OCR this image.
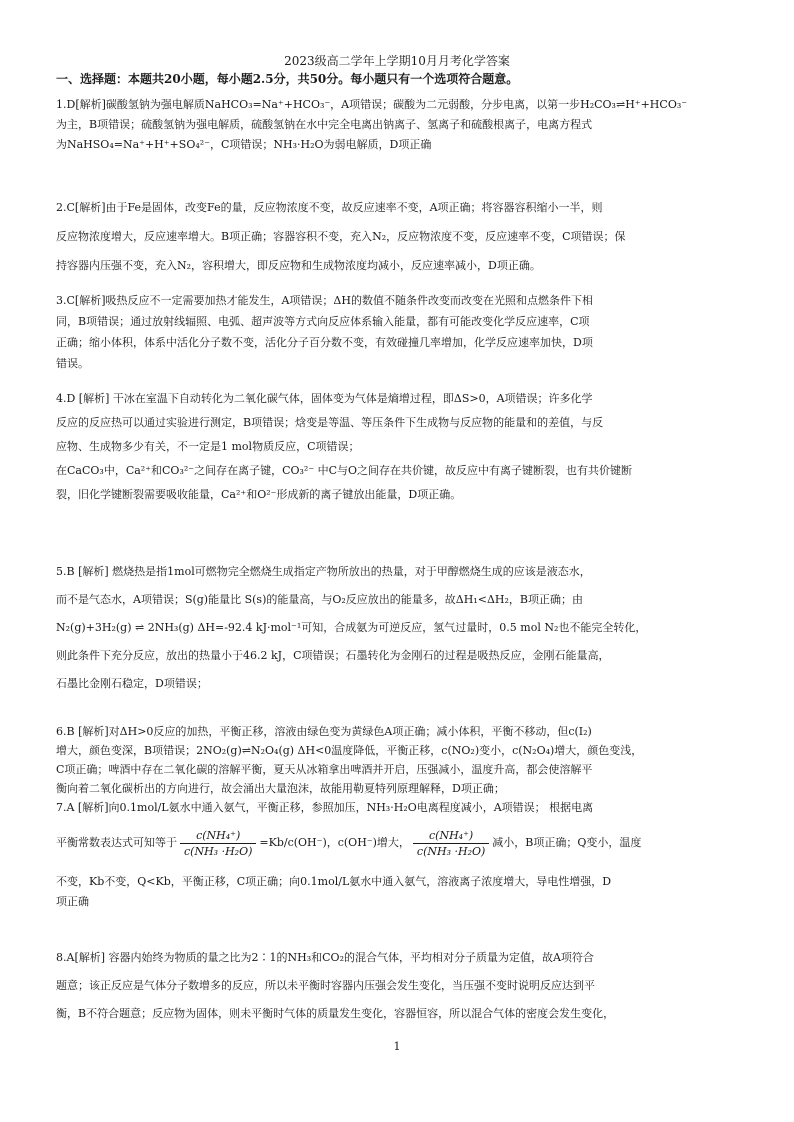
2023级高二学年上学期10月月考化学答案
一、选择题：本题共20小题，每小题2.5分，共50分。每小题只有一个选项符合题意。

1.D[解析]碳酸氢钠为强电解质NaHCO₃=Na⁺+HCO₃⁻，A项错误；碳酸为二元弱酸，分步电离，以第一步H₂CO₃⇌H⁺+HCO₃⁻

为主，B项错误；硫酸氢钠为强电解质，硫酸氢钠在水中完全电离出钠离子、氢离子和硫酸根离子，电离方程式

为NaHSO₄=Na⁺+H⁺+SO₄²⁻，C项错误；NH₃·H₂O为弱电解质，D项正确

2.C[解析]由于Fe是固体，改变Fe的量，反应物浓度不变，故反应速率不变，A项正确；将容器容积缩小一半，则

反应物浓度增大，反应速率增大。B项正确；容器容积不变，充入N₂，反应物浓度不变，反应速率不变，C项错误；保

持容器内压强不变，充入N₂，容积增大，即反应物和生成物浓度均减小，反应速率减小，D项正确。

3.C[解析]吸热反应不一定需要加热才能发生，A项错误；ΔH的数值不随条件改变而改变在光照和点燃条件下相

同，B项错误；通过放射线辐照、电弧、超声波等方式向反应体系输入能量，都有可能改变化学反应速率，C项

正确；缩小体积，体系中活化分子数不变，活化分子百分数不变，有效碰撞几率增加，化学反应速率加快，D项

错误。

4.D [解析] 干冰在室温下自动转化为二氧化碳气体，固体变为气体是熵增过程，即ΔS>0，A项错误；许多化学

反应的反应热可以通过实验进行测定，B项错误；焓变是等温、等压条件下生成物与反应物的能量和的差值，与反

应物、生成物多少有关，不一定是1 mol物质反应，C项错误；

在CaCO₃中，Ca²⁺和CO₃²⁻之间存在离子键，CO₃²⁻ 中C与O之间存在共价键，故反应中有离子键断裂，也有共价键断

裂，旧化学键断裂需要吸收能量，Ca²⁺和O²⁻形成新的离子键放出能量，D项正确。

5.B [解析] 燃烧热是指1mol可燃物完全燃烧生成指定产物所放出的热量，对于甲醇燃烧生成的应该是液态水，

而不是气态水，A项错误；S(g)能量比 S(s)的能量高，与O₂反应放出的能量多，故ΔH₁<ΔH₂，B项正确；由

N₂(g)+3H₂(g) ⇌ 2NH₃(g) ΔH=-92.4 kJ·mol⁻¹可知，合成氨为可逆反应，氢气过量时，0.5 mol N₂也不能完全转化，

则此条件下充分反应，放出的热量小于46.2 kJ，C项错误；石墨转化为金刚石的过程是吸热反应，金刚石能量高，

石墨比金刚石稳定，D项错误；

6.B [解析]对ΔH>0反应的加热，平衡正移，溶液由绿色变为黄绿色A项正确；减小体积，平衡不移动，但c(I₂)

增大，颜色变深，B项错误；2NO₂(g)⇌N₂O₄(g) ΔH<0温度降低，平衡正移，c(NO₂)变小，c(N₂O₄)增大，颜色变浅，

C项正确；啤酒中存在二氧化碳的溶解平衡，夏天从冰箱拿出啤酒并开启，压强减小，温度升高，都会使溶解平

衡向着二氧化碳析出的方向进行，故会涌出大量泡沫，故能用勒夏特列原理解释，D项正确；

7.A [解析]向0.1mol/L氨水中通入氨气，平衡正移，参照加压，NH₃·H₂O电离程度减小，A项错误； 根据电离

平衡常数表达式可知等于 $\frac{\text{c(NH₄⁺)}}{\text{c(NH₃ ·H₂O)}} =Kb/c(OH^-)$，c(OH⁻)增大， $\frac{\text{c(NH₄⁺)}}{\text{c(NH₃ ·H₂O)}}$ 减小，B项正确；Q变小，温度

不变，Kb不变，Q<Kb，平衡正移，C项正确；向0.1mol/L氨水中通入氨气，溶液离子浓度增大，导电性增强，D

项正确

8.A[解析] 容器内始终为物质的量之比为2∶1的NH₃和CO₂的混合气体，平均相对分子质量为定值，故A项符合

题意；该正反应是气体分子数增多的反应，所以未平衡时容器内压强会发生变化，当压强不变时说明反应达到平

衡，B不符合题意；反应物为固体，则未平衡时气体的质量发生变化，容器恒容，所以混合气体的密度会发生变化，

1
